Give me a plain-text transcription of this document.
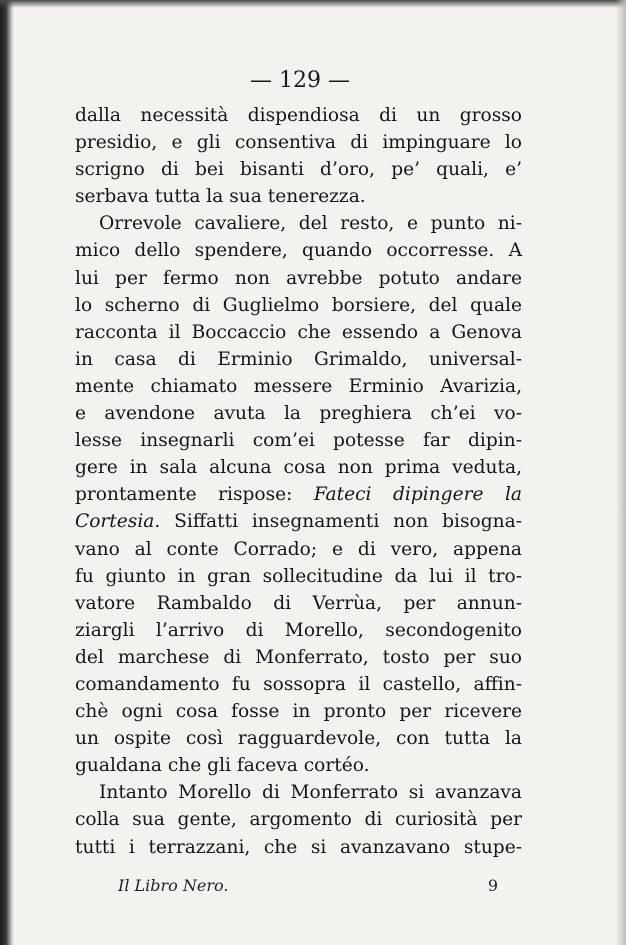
— 129 —
dalla necessità dispendiosa di un grosso
presidio, e gli consentiva di impinguare lo
scrigno di bei bisanti d’oro, pe’ quali, e’
serbava tutta la sua tenerezza.
Orrevole cavaliere, del resto, e punto ni-
mico dello spendere, quando occorresse. A
lui per fermo non avrebbe potuto andare
lo scherno di Guglielmo borsiere, del quale
racconta il Boccaccio che essendo a Genova
in casa di Erminio Grimaldo, universal-
mente chiamato messere Erminio Avarizia,
e avendone avuta la preghiera ch’ei vo-
lesse insegnarli com’ei potesse far dipin-
gere in sala alcuna cosa non prima veduta,
prontamente rispose: Fateci dipingere la
Cortesia. Siffatti insegnamenti non bisogna-
vano al conte Corrado; e di vero, appena
fu giunto in gran sollecitudine da lui il tro-
vatore Rambaldo di Verrùa, per annun-
ziargli l’arrivo di Morello, secondogenito
del marchese di Monferrato, tosto per suo
comandamento fu sossopra il castello, affin-
chè ogni cosa fosse in pronto per ricevere
un ospite così ragguardevole, con tutta la
gualdana che gli faceva cortéo.
Intanto Morello di Monferrato si avanzava
colla sua gente, argomento di curiosità per
tutti i terrazzani, che si avanzavano stupe-
Il Libro Nero.	9
